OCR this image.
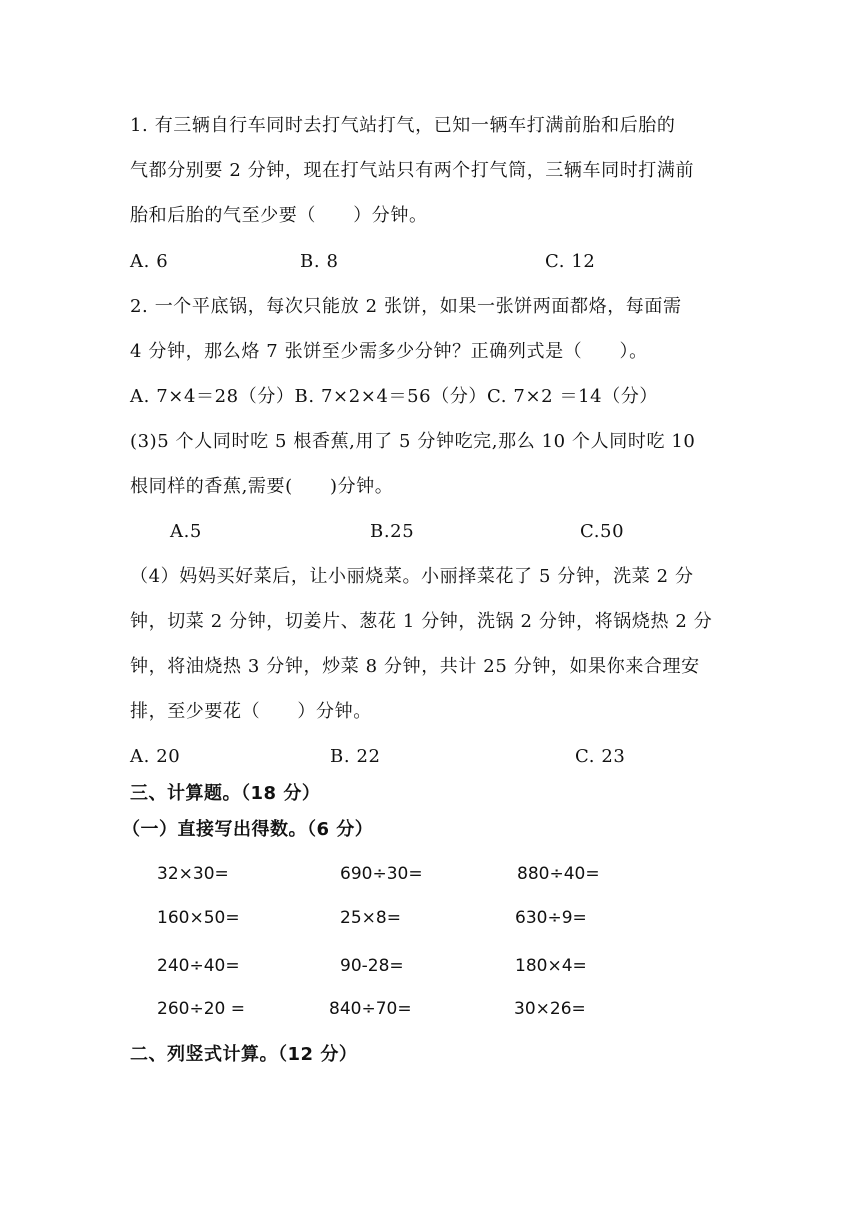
1. 有三辆自行车同时去打气站打气，已知一辆车打满前胎和后胎的
气都分别要 2 分钟，现在打气站只有两个打气筒，三辆车同时打满前
胎和后胎的气至少要（　　）分钟。
A. 6	B. 8	C. 12
2. 一个平底锅，每次只能放 2 张饼，如果一张饼两面都烙，每面需
4 分钟，那么烙 7 张饼至少需多少分钟？正确列式是（　　）。
A. 7×4＝28（分）B. 7×2×4＝56（分）C. 7×2 ＝14（分）
(3)5 个人同时吃 5 根香蕉,用了 5 分钟吃完,那么 10 个人同时吃 10
根同样的香蕉,需要(　　)分钟。
A.5	B.25	C.50
（4）妈妈买好菜后，让小丽烧菜。小丽择菜花了 5 分钟，洗菜 2 分
钟，切菜 2 分钟，切姜片、葱花 1 分钟，洗锅 2 分钟，将锅烧热 2 分
钟，将油烧热 3 分钟，炒菜 8 分钟，共计 25 分钟，如果你来合理安
排，至少要花（　　）分钟。
A. 20	B. 22	C. 23
三、计算题。（18 分）
（一）直接写出得数。（6 分）
32×30=	690÷30=	880÷40=
160×50=	25×8=	630÷9=
240÷40=	90-28=	180×4=
260÷20 =	840÷70=	30×26=
二、列竖式计算。（12 分）
